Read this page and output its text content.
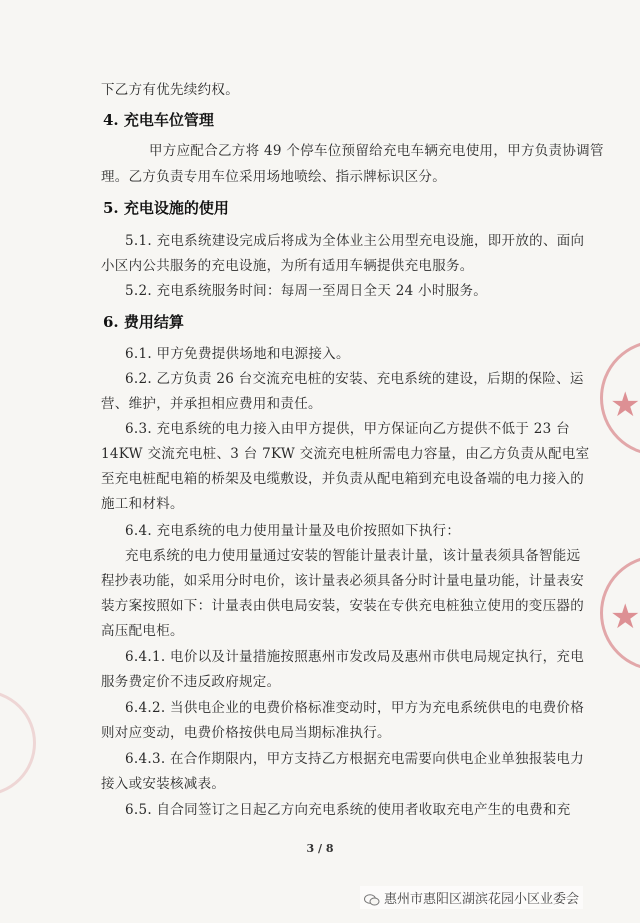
下乙方有优先续约权。
4. 充电车位管理
甲方应配合乙方将 49 个停车位预留给充电车辆充电使用，甲方负责协调管
理。乙方负责专用车位采用场地喷绘、指示牌标识区分。
5. 充电设施的使用
5.1. 充电系统建设完成后将成为全体业主公用型充电设施，即开放的、面向
小区内公共服务的充电设施，为所有适用车辆提供充电服务。
5.2. 充电系统服务时间：每周一至周日全天 24 小时服务。
6. 费用结算
6.1. 甲方免费提供场地和电源接入。
6.2. 乙方负责 26 台交流充电桩的安装、充电系统的建设，后期的保险、运
营、维护，并承担相应费用和责任。
6.3. 充电系统的电力接入由甲方提供，甲方保证向乙方提供不低于 23 台
14KW 交流充电桩、3 台 7KW 交流充电桩所需电力容量，由乙方负责从配电室
至充电桩配电箱的桥架及电缆敷设，并负责从配电箱到充电设备端的电力接入的
施工和材料。
6.4. 充电系统的电力使用量计量及电价按照如下执行：
充电系统的电力使用量通过安装的智能计量表计量，该计量表须具备智能远
程抄表功能，如采用分时电价，该计量表必须具备分时计量电量功能，计量表安
装方案按照如下：计量表由供电局安装，安装在专供充电桩独立使用的变压器的
高压配电柜。
6.4.1. 电价以及计量措施按照惠州市发改局及惠州市供电局规定执行，充电
服务费定价不违反政府规定。
6.4.2. 当供电企业的电费价格标准变动时，甲方为充电系统供电的电费价格
则对应变动，电费价格按供电局当期标准执行。
6.4.3. 在合作期限内，甲方支持乙方根据充电需要向供电企业单独报装电力
接入或安装核减表。
6.5. 自合同签订之日起乙方向充电系统的使用者收取充电产生的电费和充
3 / 8
★
★
惠州市惠阳区湖滨花园小区业委会
